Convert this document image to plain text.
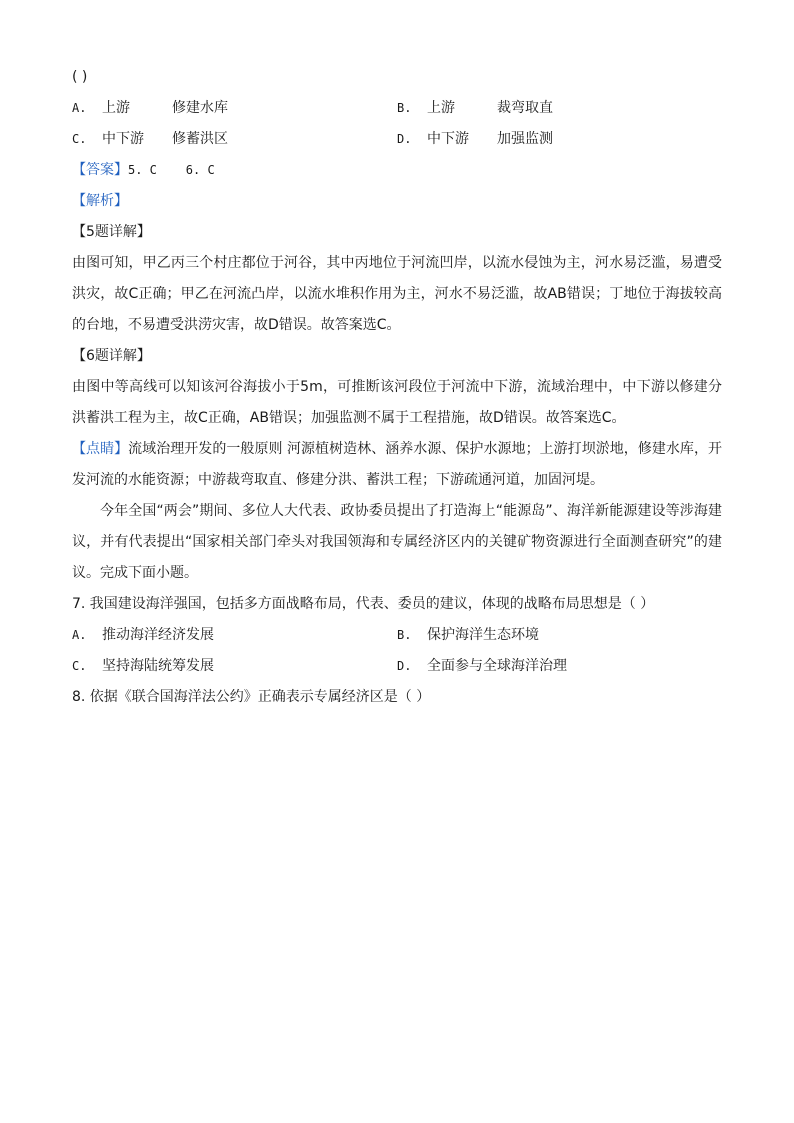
( )
A.	上游	修建水库	B.	上游	裁弯取直
C.	中下游	修蓄洪区	D.	中下游	加强监测
【答案】5. C    6. C
【解析】
【5题详解】
由图可知，甲乙丙三个村庄都位于河谷，其中丙地位于河流凹岸，以流水侵蚀为主，河水易泛滥，易遭受洪灾，故C正确；甲乙在河流凸岸，以流水堆积作用为主，河水不易泛滥，故AB错误；丁地位于海拔较高的台地，不易遭受洪涝灾害，故D错误。故答案选C。
【6题详解】
由图中等高线可以知该河谷海拔小于5m，可推断该河段位于河流中下游，流域治理中，中下游以修建分洪蓄洪工程为主，故C正确，AB错误；加强监测不属于工程措施，故D错误。故答案选C。
【点睛】流域治理开发的一般原则 河源植树造林、涵养水源、保护水源地；上游打坝淤地，修建水库，开发河流的水能资源；中游裁弯取直、修建分洪、蓄洪工程；下游疏通河道，加固河堤。
今年全国“两会”期间、多位人大代表、政协委员提出了打造海上“能源岛”、海洋新能源建设等涉海建议，并有代表提出“国家相关部门牵头对我国领海和专属经济区内的关键矿物资源进行全面测查研究”的建议。完成下面小题。
7. 我国建设海洋强国，包括多方面战略布局，代表、委员的建议，体现的战略布局思想是（ ）
A.	推动海洋经济发展	B.	保护海洋生态环境
C.	坚持海陆统筹发展	D.	全面参与全球海洋治理
8. 依据《联合国海洋法公约》正确表示专属经济区是（ ）
